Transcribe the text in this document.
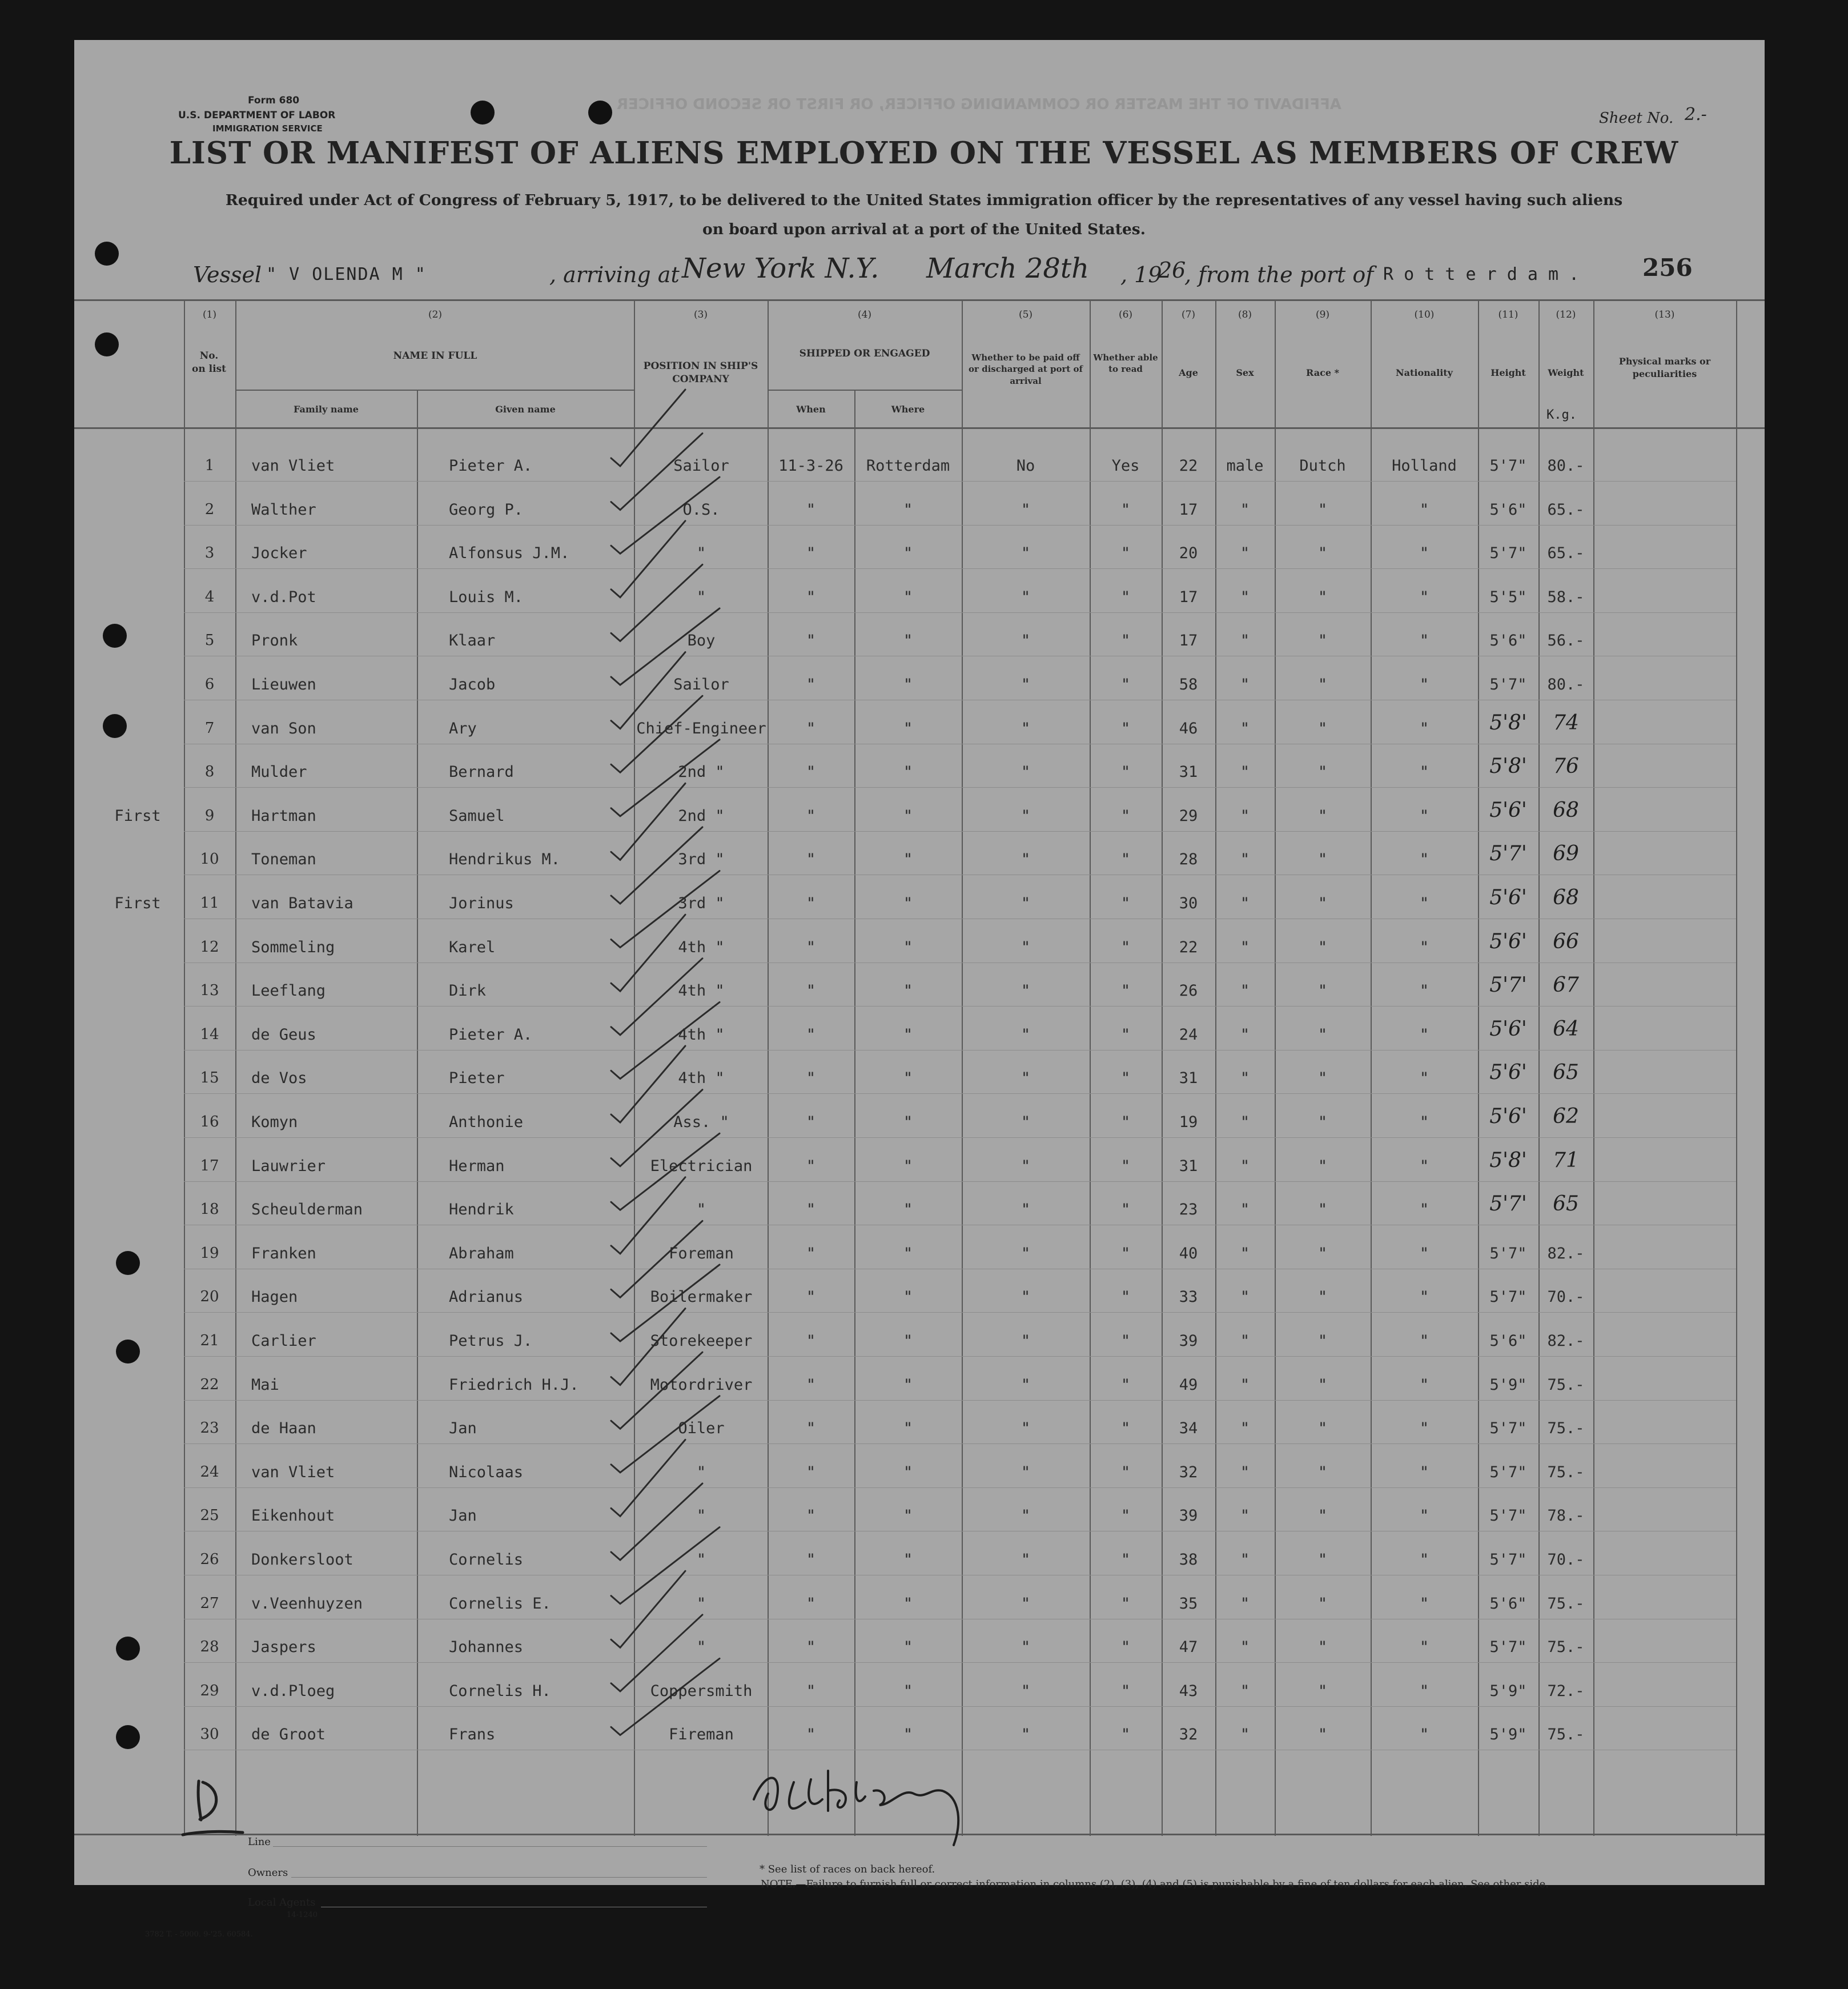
Form 680
U.S. DEPARTMENT OF LABOR
IMMIGRATION SERVICE
AFFIDAVIT OF THE MASTER OR COMMANDING OFFICER, OR FIRST OR SECOND OFFICER
Sheet No. 2.-
LIST OR MANIFEST OF ALIENS EMPLOYED ON THE VESSEL AS MEMBERS OF CREW
Required under Act of Congress of February 5, 1917, to be delivered to the United States immigration officer by the representatives of any vessel having such aliens
on board upon arrival at a port of the United States.
Vessel " V OLENDA M "	, arriving at New York N.Y. March 28th , 19
26
, from the port of R o t t e r d a m .	256
(1)
No. on list
(2)
NAME IN FULL
Family name	Given name
(3)
POSITION IN SHIP'S COMPANY
(4)
SHIPPED OR ENGAGED
When	Where
(5)
Whether to be paid off or discharged at port of arrival
(6)
Whether able to read
(7)
Age
(8)
Sex
(9)
Race *
(10)
Nationality
(11)
Height
(12)
Weight
K.g.
(13)
Physical marks or peculiarities
1	van Vliet	Pieter A.	Sailor	11-3-26	Rotterdam	No	Yes	22	male	Dutch	Holland	5'7"	80.-
2	Walther	Georg P.	O.S.	"	"	"	"	17	"	"	"	5'6"	65.-
3	Jocker	Alfonsus J.M.	"	"	"	"	"	20	"	"	"	5'7"	65.-
4	v.d.Pot	Louis M.	"	"	"	"	"	17	"	"	"	5'5"	58.-
5	Pronk	Klaar	Boy	"	"	"	"	17	"	"	"	5'6"	56.-
6	Lieuwen	Jacob	Sailor	"	"	"	"	58	"	"	"	5'7"	80.-
7	van Son	Ary	Chief-Engineer	"	"	"	"	46	"	"	"	5'8'	74
8	Mulder	Bernard	2nd "	"	"	"	"	31	"	"	"	5'8'	76
First	9	Hartman	Samuel	2nd "	"	"	"	"	29	"	"	"	5'6'	68
10	Toneman	Hendrikus M.	3rd "	"	"	"	"	28	"	"	"	5'7'	69
First	11	van Batavia	Jorinus	3rd "	"	"	"	"	30	"	"	"	5'6'	68
12	Sommeling	Karel	4th "	"	"	"	"	22	"	"	"	5'6'	66
13	Leeflang	Dirk	4th "	"	"	"	"	26	"	"	"	5'7'	67
14	de Geus	Pieter A.	4th "	"	"	"	"	24	"	"	"	5'6'	64
15	de Vos	Pieter	4th "	"	"	"	"	31	"	"	"	5'6'	65
16	Komyn	Anthonie	Ass. "	"	"	"	"	19	"	"	"	5'6'	62
17	Lauwrier	Herman	Electrician	"	"	"	"	31	"	"	"	5'8'	71
18	Scheulderman	Hendrik	"	"	"	"	"	23	"	"	"	5'7'	65
19	Franken	Abraham	Foreman	"	"	"	"	40	"	"	"	5'7"	82.-
20	Hagen	Adrianus	Boilermaker	"	"	"	"	33	"	"	"	5'7"	70.-
21	Carlier	Petrus J.	Storekeeper	"	"	"	"	39	"	"	"	5'6"	82.-
22	Mai	Friedrich H.J.	Motordriver	"	"	"	"	49	"	"	"	5'9"	75.-
23	de Haan	Jan	Oiler	"	"	"	"	34	"	"	"	5'7"	75.-
24	van Vliet	Nicolaas	"	"	"	"	"	32	"	"	"	5'7"	75.-
25	Eikenhout	Jan	"	"	"	"	"	39	"	"	"	5'7"	78.-
26	Donkersloot	Cornelis	"	"	"	"	"	38	"	"	"	5'7"	70.-
27	v.Veenhuyzen	Cornelis E.	"	"	"	"	"	35	"	"	"	5'6"	75.-
28	Jaspers	Johannes	"	"	"	"	"	47	"	"	"	5'7"	75.-
29	v.d.Ploeg	Cornelis H.	Coppersmith	"	"	"	"	43	"	"	"	5'9"	72.-
30	de Groot	Frans	Fireman	"	"	"	"	32	"	"	"	5'9"	75.-
Line
Owners
Local Agents
14-1240
3782 T. - 5000. 9-'25. 60584.
* See list of races on back hereof.
NOTE.—Failure to furnish full or correct information in columns (2), (3), (4) and (5) is punishable by a fine of ten dollars for each alien. See other side.
